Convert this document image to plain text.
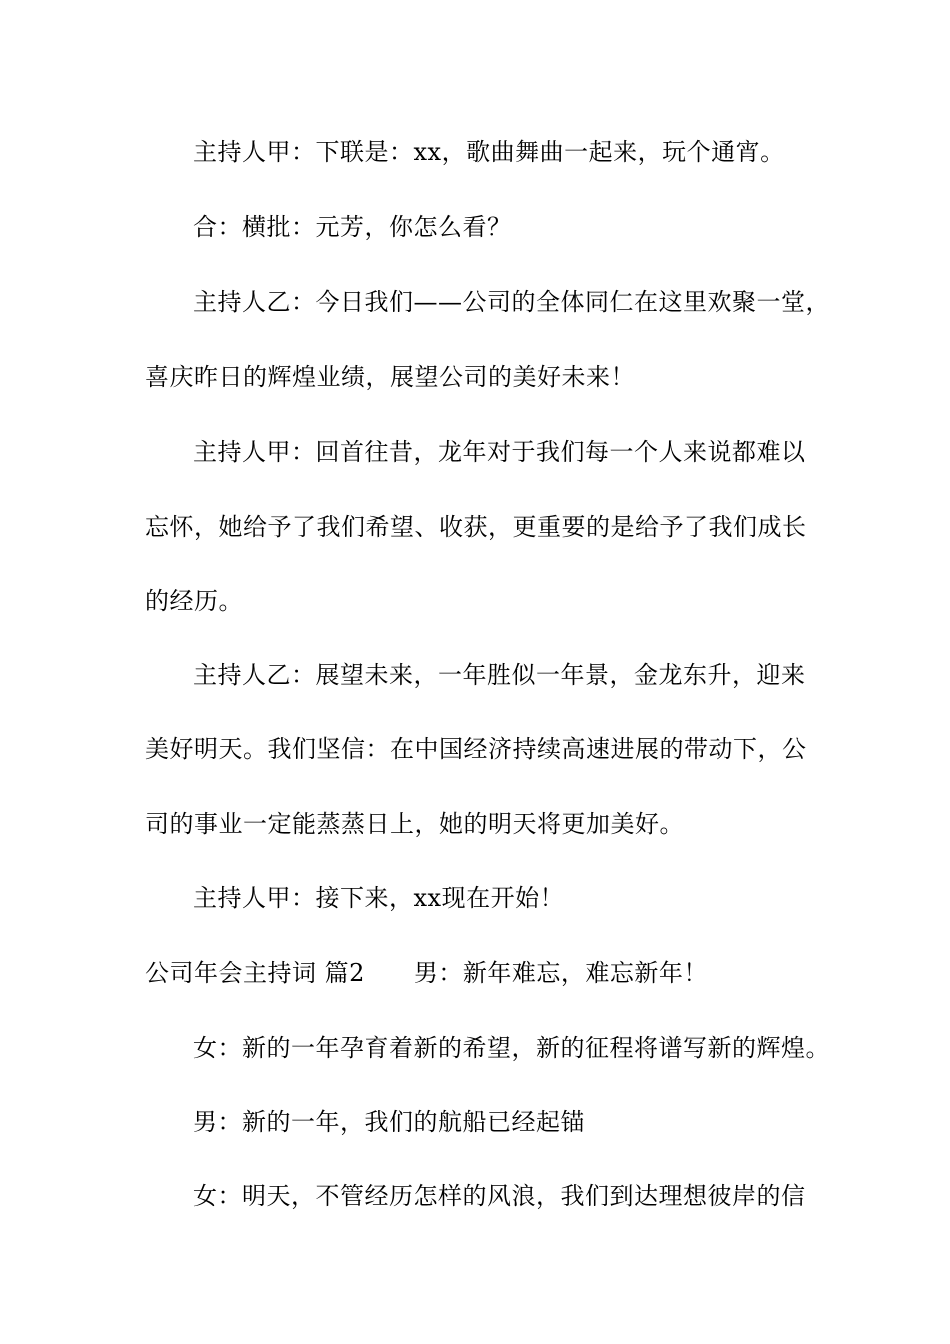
主持人甲：下联是：xx，歌曲舞曲一起来，玩个通宵。
合：横批：元芳，你怎么看？
主持人乙：今日我们——公司的全体同仁在这里欢聚一堂，
喜庆昨日的辉煌业绩，展望公司的美好未来！
主持人甲：回首往昔，龙年对于我们每一个人来说都难以
忘怀，她给予了我们希望、收获，更重要的是给予了我们成长
的经历。
主持人乙：展望未来，一年胜似一年景，金龙东升，迎来
美好明天。我们坚信：在中国经济持续高速进展的带动下，公
司的事业一定能蒸蒸日上，她的明天将更加美好。
主持人甲：接下来，xx现在开始！
公司年会主持词 篇2　　男：新年难忘，难忘新年！
女：新的一年孕育着新的希望，新的征程将谱写新的辉煌。
男：新的一年，我们的航船已经起锚
女：明天，不管经历怎样的风浪，我们到达理想彼岸的信
